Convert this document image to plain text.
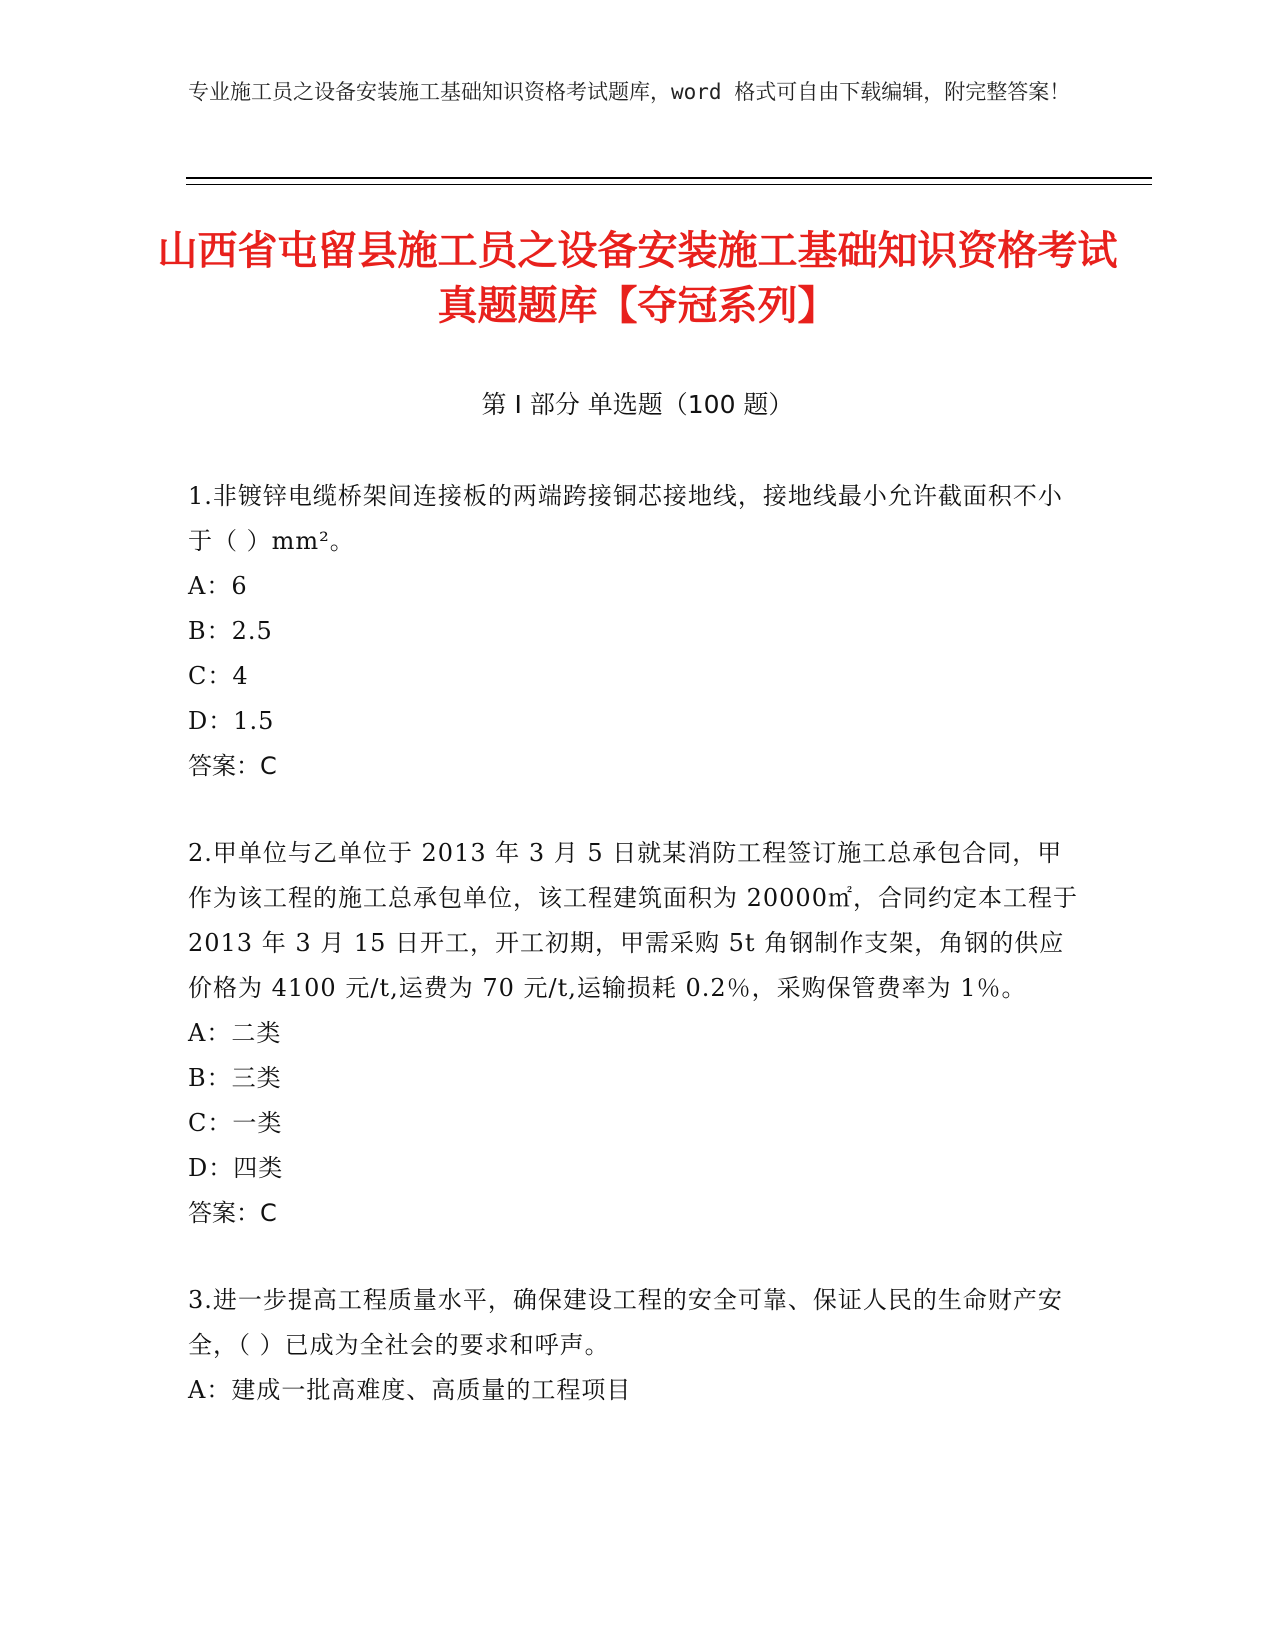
专业施工员之设备安装施工基础知识资格考试题库，word 格式可自由下载编辑，附完整答案！
山西省屯留县施工员之设备安装施工基础知识资格考试真题题库【夺冠系列】
第 I 部分 单选题（100 题）
1.非镀锌电缆桥架间连接板的两端跨接铜芯接地线，接地线最小允许截面积不小于（ ）mm²。
A：6
B：2.5
C：4
D：1.5
答案：C
2.甲单位与乙单位于 2013 年 3 月 5 日就某消防工程签订施工总承包合同，甲作为该工程的施工总承包单位，该工程建筑面积为 20000㎡，合同约定本工程于 2013 年 3 月 15 日开工，开工初期，甲需采购 5t 角钢制作支架，角钢的供应价格为 4100 元/t,运费为 70 元/t,运输损耗 0.2％，采购保管费率为 1％。
A：二类
B：三类
C：一类
D：四类
答案：C
3.进一步提高工程质量水平，确保建设工程的安全可靠、保证人民的生命财产安全，（ ）已成为全社会的要求和呼声。
A：建成一批高难度、高质量的工程项目
